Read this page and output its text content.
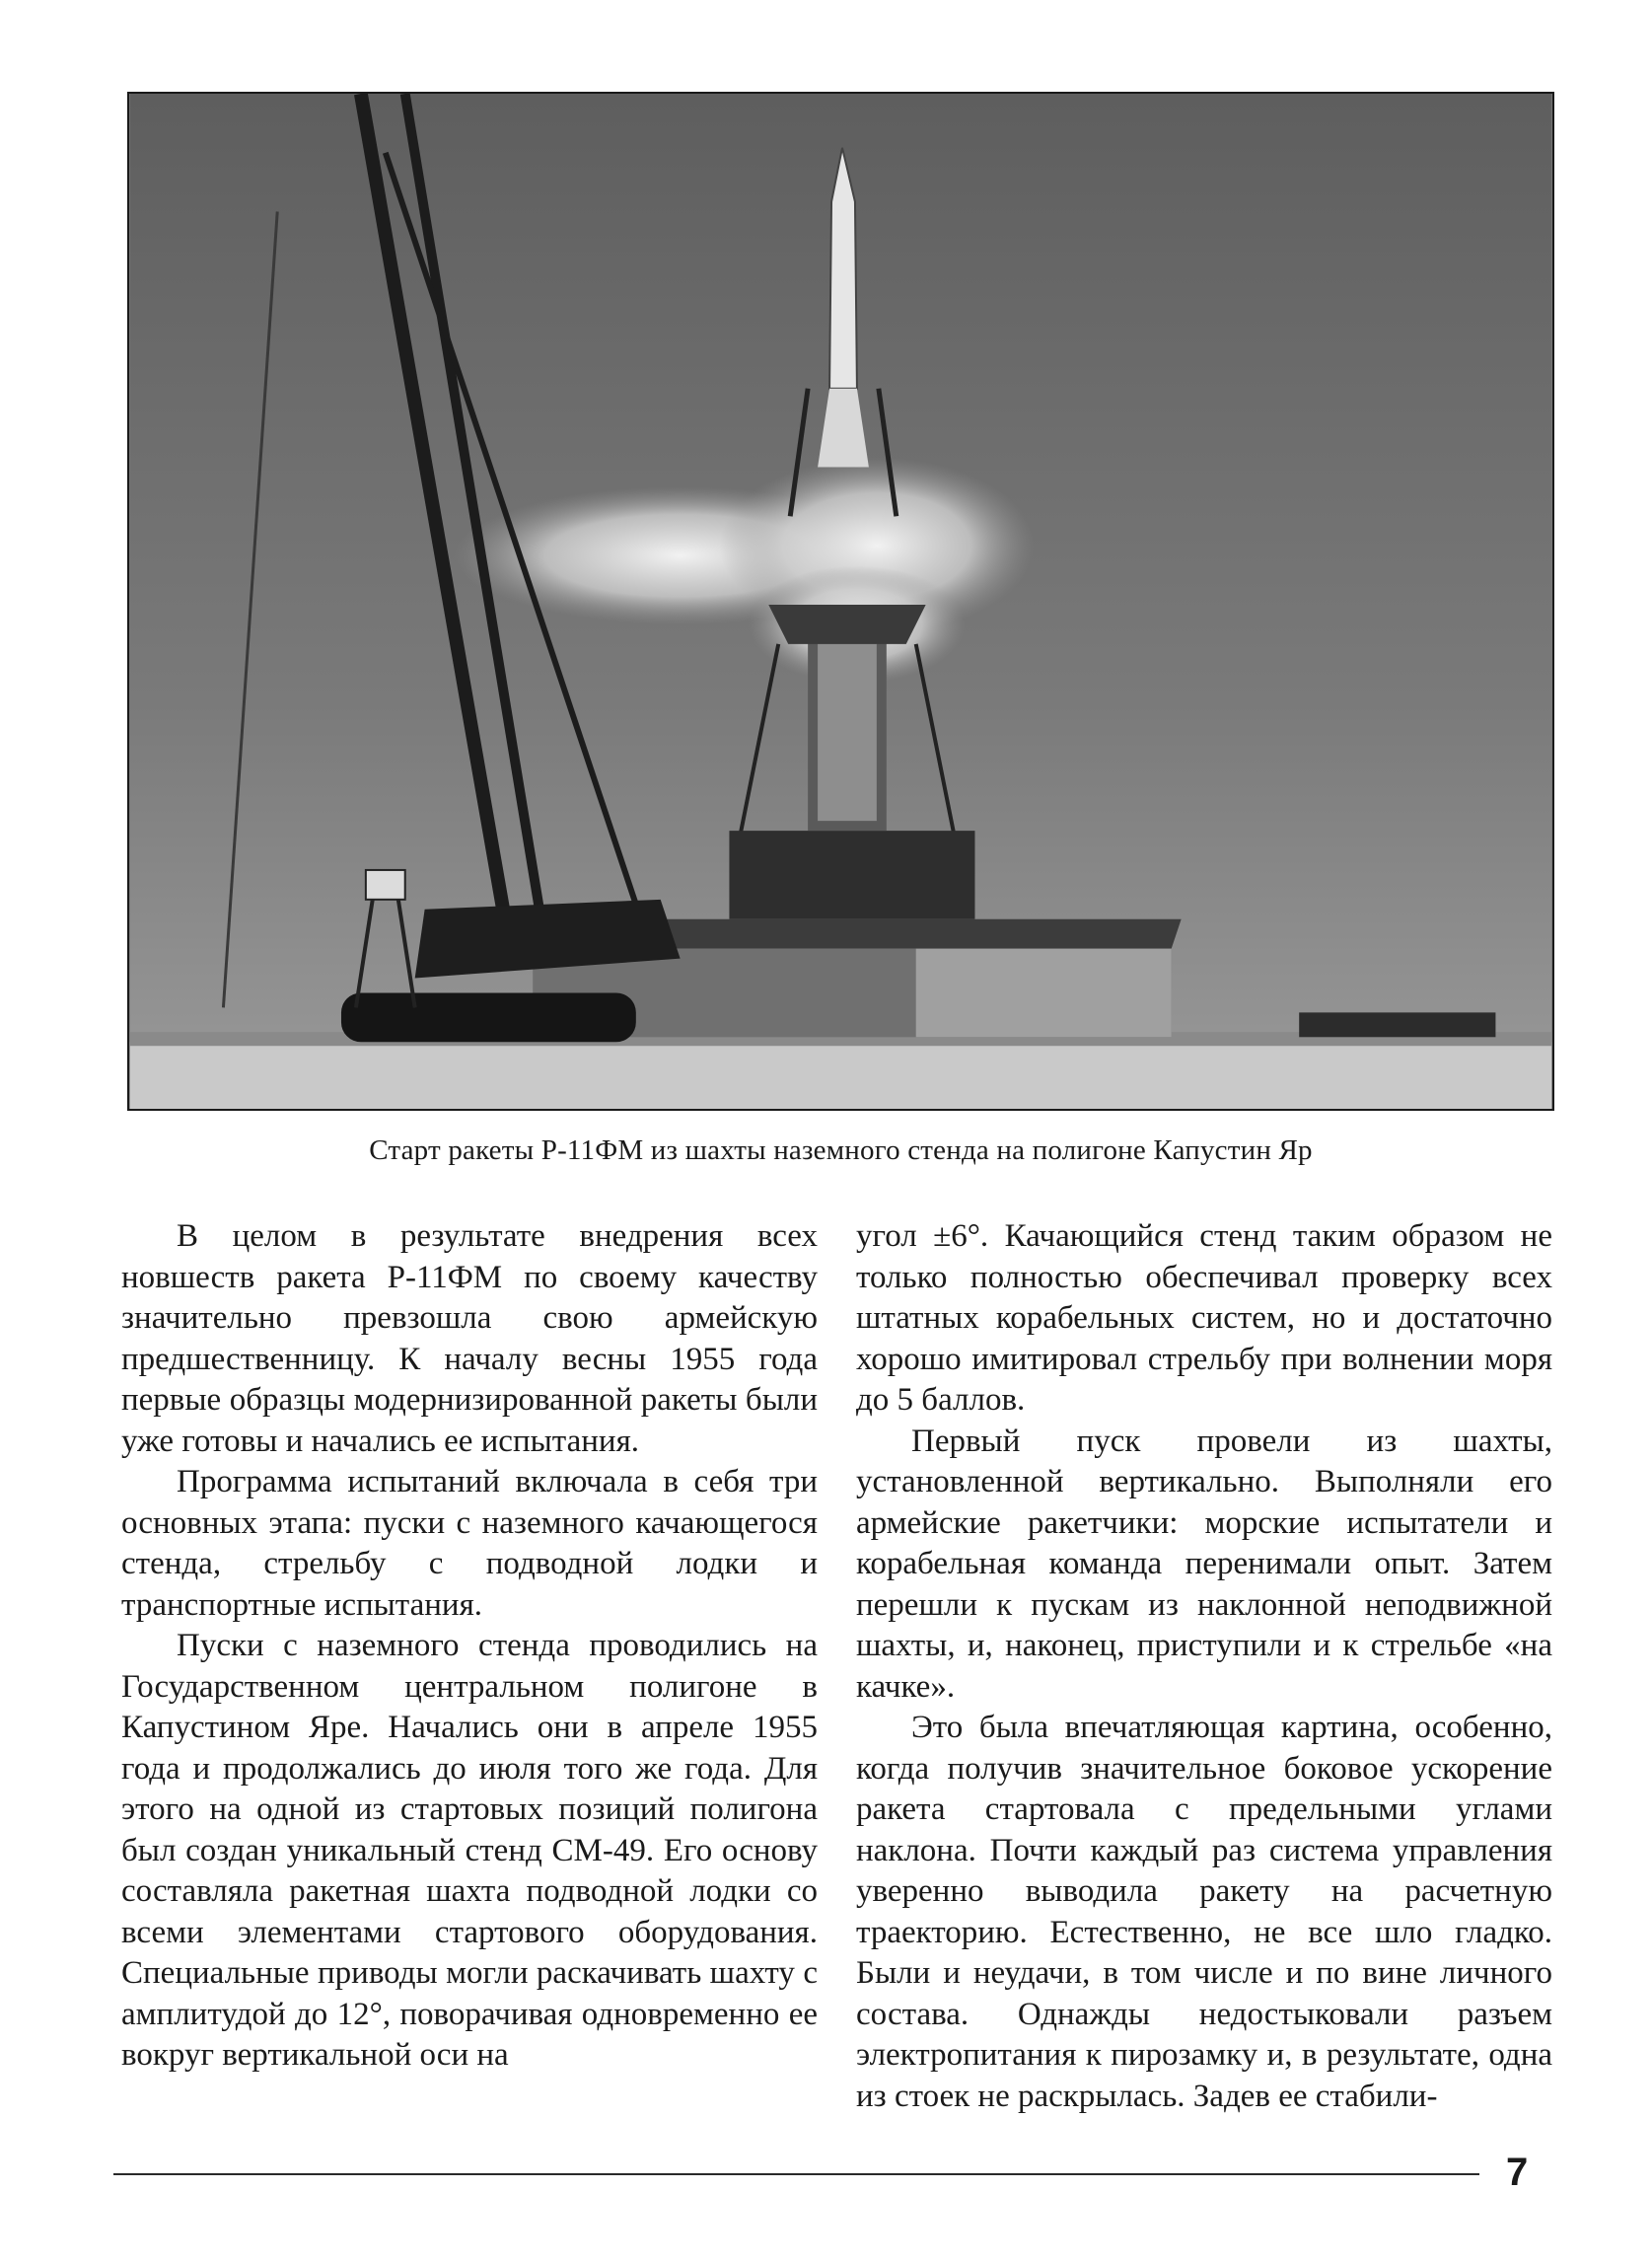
Старт ракеты Р-11ФМ из шахты наземного стенда на полигоне Капустин Яр

В целом в результате внедрения всех новшеств ракета Р-11ФМ по своему качеству значительно превзошла свою армейскую предшественницу. К началу весны 1955 года первые образцы модернизированной ракеты были уже готовы и начались ее испытания.

Программа испытаний включала в себя три основных этапа: пуски с наземного качающегося стенда, стрельбу с подводной лодки и транспортные испытания.

Пуски с наземного стенда проводились на Государственном центральном полигоне в Капустином Яре. Начались они в апреле 1955 года и продолжались до июля того же года. Для этого на одной из стартовых позиций полигона был создан уникальный стенд СМ-49. Его основу составляла ракетная шахта подводной лодки со всеми элементами стартового оборудования. Специальные приводы могли раскачивать шахту с амплитудой до 12°, поворачивая одновременно ее вокруг вертикальной оси на

угол ±6°. Качающийся стенд таким образом не только полностью обеспечивал проверку всех штатных корабельных систем, но и достаточно хорошо имитировал стрельбу при волнении моря до 5 баллов.

Первый пуск провели из шахты, установленной вертикально. Выполняли его армейские ракетчики: морские испытатели и корабельная команда перенимали опыт. Затем перешли к пускам из наклонной неподвижной шахты, и, наконец, приступили и к стрельбе «на качке».

Это была впечатляющая картина, особенно, когда получив значительное боковое ускорение ракета стартовала с предельными углами наклона. Почти каждый раз система управления уверенно выводила ракету на расчетную траекторию. Естественно, не все шло гладко. Были и неудачи, в том числе и по вине личного состава. Однажды недостыковали разъем электропитания к пирозамку и, в результате, одна из стоек не раскрылась. Задев ее стабили-

7
